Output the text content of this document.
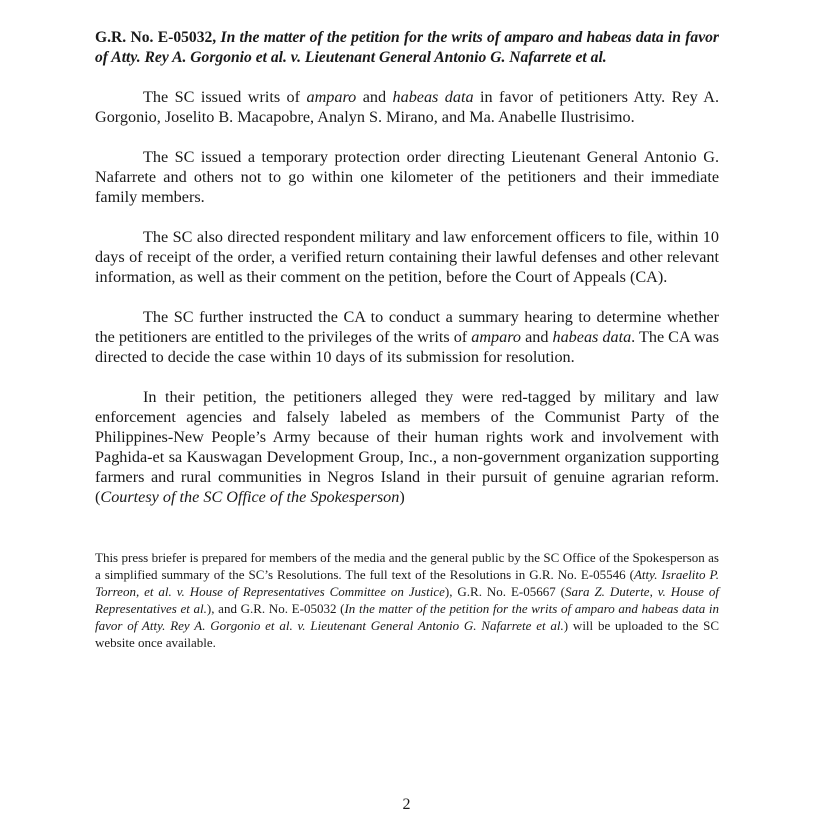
G.R. No. E-05032, In the matter of the petition for the writs of amparo and habeas data in favor of Atty. Rey A. Gorgonio et al. v. Lieutenant General Antonio G. Nafarrete et al.

The SC issued writs of amparo and habeas data in favor of petitioners Atty. Rey A. Gorgonio, Joselito B. Macapobre, Analyn S. Mirano, and Ma. Anabelle Ilustrisimo.

The SC issued a temporary protection order directing Lieutenant General Antonio G. Nafarrete and others not to go within one kilometer of the petitioners and their immediate family members.

The SC also directed respondent military and law enforcement officers to file, within 10 days of receipt of the order, a verified return containing their lawful defenses and other relevant information, as well as their comment on the petition, before the Court of Appeals (CA).

The SC further instructed the CA to conduct a summary hearing to determine whether the petitioners are entitled to the privileges of the writs of amparo and habeas data. The CA was directed to decide the case within 10 days of its submission for resolution.

In their petition, the petitioners alleged they were red-tagged by military and law enforcement agencies and falsely labeled as members of the Communist Party of the Philippines-New People’s Army because of their human rights work and involvement with Paghida-et sa Kauswagan Development Group, Inc., a non-government organization supporting farmers and rural communities in Negros Island in their pursuit of genuine agrarian reform. (Courtesy of the SC Office of the Spokesperson)

This press briefer is prepared for members of the media and the general public by the SC Office of the Spokesperson as a simplified summary of the SC’s Resolutions. The full text of the Resolutions in G.R. No. E-05546 (Atty. Israelito P. Torreon, et al. v. House of Representatives Committee on Justice), G.R. No. E-05667 (Sara Z. Duterte, v. House of Representatives et al.), and G.R. No. E-05032 (In the matter of the petition for the writs of amparo and habeas data in favor of Atty. Rey A. Gorgonio et al. v. Lieutenant General Antonio G. Nafarrete et al.) will be uploaded to the SC website once available.

2
